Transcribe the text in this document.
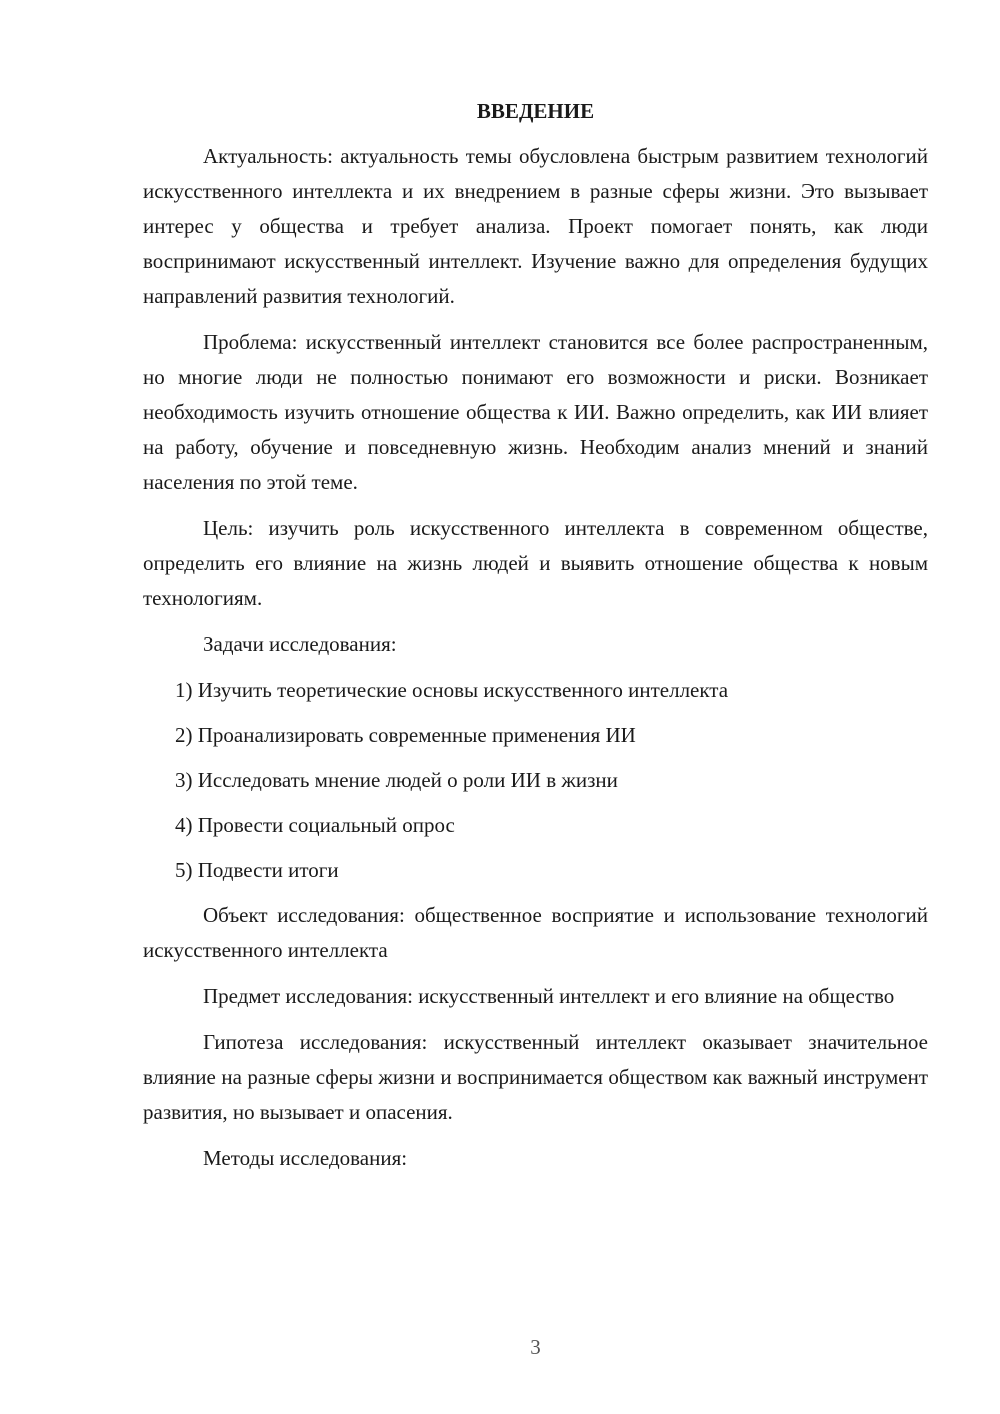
ВВЕДЕНИЕ

Актуальность: актуальность темы обусловлена быстрым развитием технологий искусственного интеллекта и их внедрением в разные сферы жизни. Это вызывает интерес у общества и требует анализа. Проект помогает понять, как люди воспринимают искусственный интеллект. Изучение важно для определения будущих направлений развития технологий.

Проблема: искусственный интеллект становится все более распространенным, но многие люди не полностью понимают его возможности и риски. Возникает необходимость изучить отношение общества к ИИ. Важно определить, как ИИ влияет на работу, обучение и повседневную жизнь. Необходим анализ мнений и знаний населения по этой теме.

Цель: изучить роль искусственного интеллекта в современном обществе, определить его влияние на жизнь людей и выявить отношение общества к новым технологиям.

Задачи исследования:

1) Изучить теоретические основы искусственного интеллекта
2) Проанализировать современные применения ИИ
3) Исследовать мнение людей о роли ИИ в жизни
4) Провести социальный опрос
5) Подвести итоги

Объект исследования: общественное восприятие и использование технологий искусственного интеллекта

Предмет исследования: искусственный интеллект и его влияние на общество

Гипотеза исследования: искусственный интеллект оказывает значительное влияние на разные сферы жизни и воспринимается обществом как важный инструмент развития, но вызывает и опасения.

Методы исследования:

3
